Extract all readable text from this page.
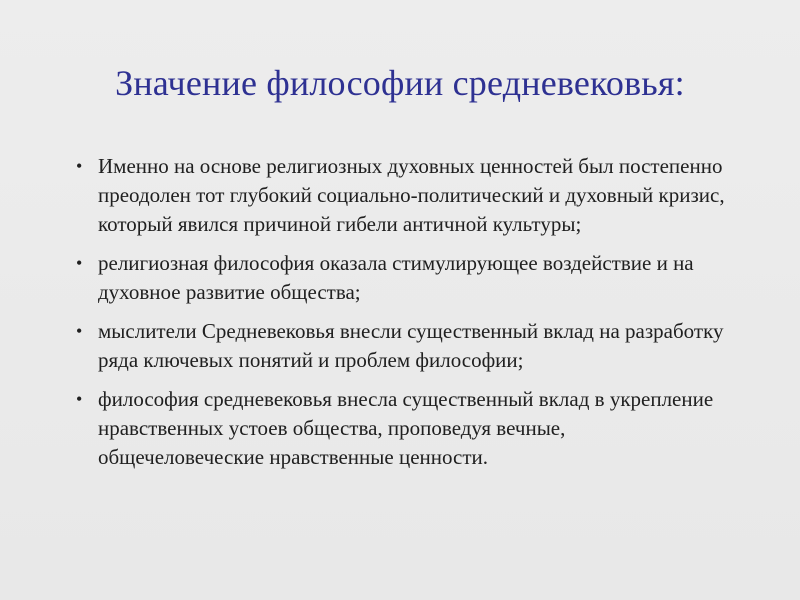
Значение философии средневековья:
• Именно на основе религиозных духовных ценностей был постепенно преодолен тот глубокий социально-политический и духовный кризис, который явился причиной гибели античной культуры;
• религиозная философия оказала стимулирующее воздействие и на духовное развитие общества;
• мыслители Средневековья внесли существенный вклад на разработку ряда ключевых понятий и проблем философии;
• философия средневековья внесла существенный вклад в укрепление нравственных устоев общества, проповедуя вечные, общечеловеческие нравственные ценности.
